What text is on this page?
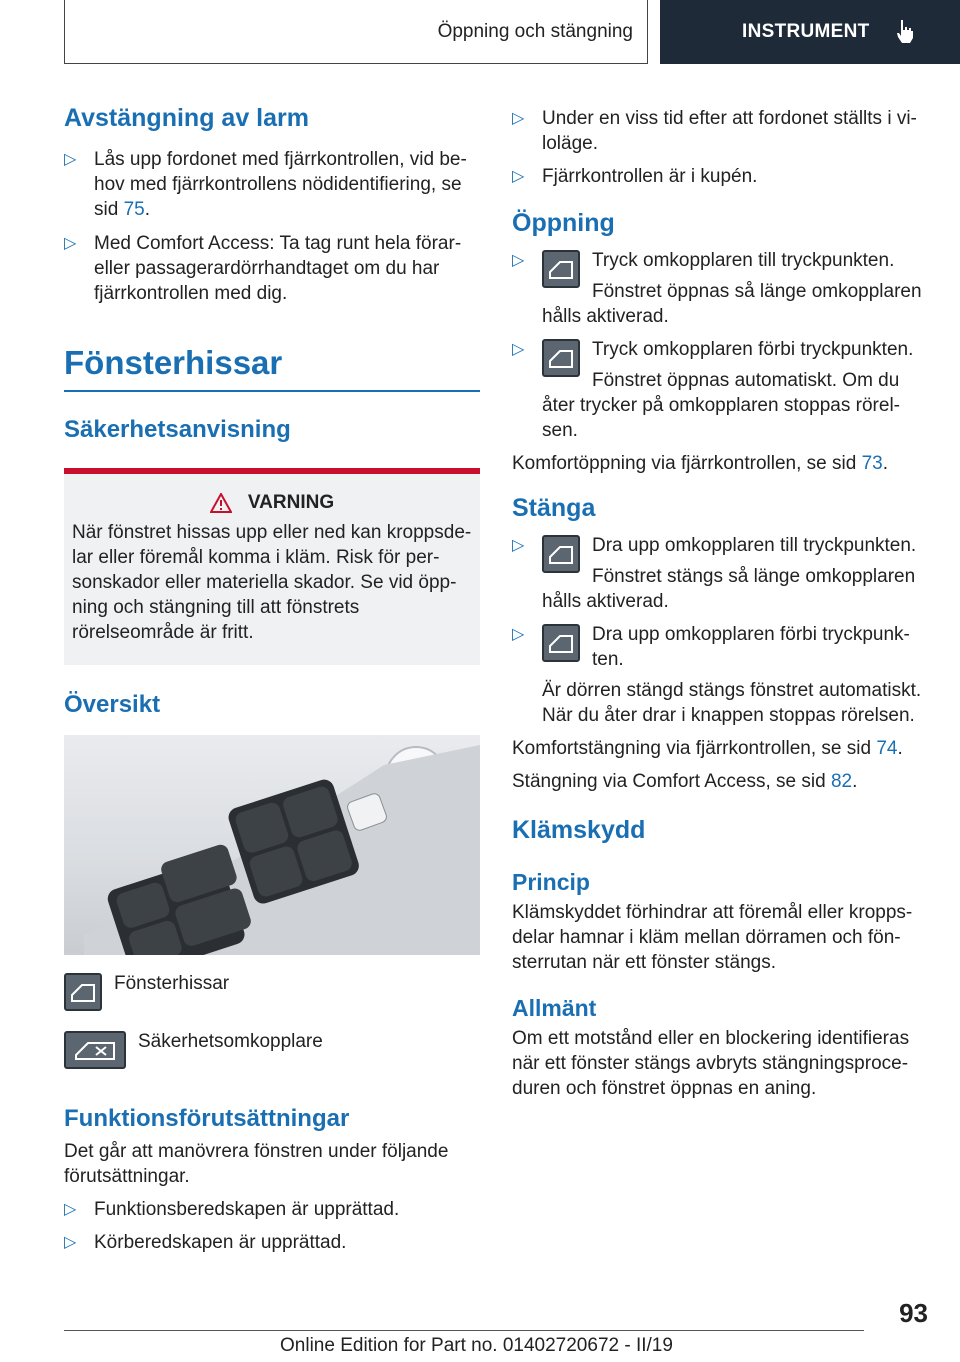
Öppning och stängning	INSTRUMENT
Avstängning av larm
▷ Lås upp fordonet med fjärrkontrollen, vid be-hov med fjärrkontrollens nödidentifiering, se sid 75.
▷ Med Comfort Access: Ta tag runt hela förar-eller passagerardörrhandtaget om du har fjärrkontrollen med dig.
Fönsterhissar
Säkerhetsanvisning
VARNING

När fönstret hissas upp eller ned kan kroppsde-lar eller föremål komma i kläm. Risk för per-sonskador eller materiella skador. Se vid öpp-ning och stängning till att fönstrets rörelseområde är fritt.

Översikt
Fönsterhissar
Säkerhetsomkopplare
Funktionsförutsättningar

Det går att manövrera fönstren under följande förutsättningar.

▷ Funktionsberedskapen är upprättad.
▷ Körberedskapen är upprättad.
▷ Under en viss tid efter att fordonet ställts i vi-loläge.
▷ Fjärrkontrollen är i kupén.
Öppning
▷	Tryck omkopplaren till tryckpunkten.
Fönstret öppnas så länge omkopplaren hålls aktiverad.
▷	Tryck omkopplaren förbi tryckpunkten.
Fönstret öppnas automatiskt. Om du åter trycker på omkopplaren stoppas rörel-sen.

Komfortöppning via fjärrkontrollen, se sid 73.

Stänga
▷	Dra upp omkopplaren till tryckpunkten.
Fönstret stängs så länge omkopplaren hålls aktiverad.
▷	Dra upp omkopplaren förbi tryckpunk-ten.
Är dörren stängd stängs fönstret automatiskt. När du åter drar i knappen stoppas rörelsen.

Komfortstängning via fjärrkontrollen, se sid 74.

Stängning via Comfort Access, se sid 82.

Klämskydd
Princip

Klämskyddet förhindrar att föremål eller kropps-delar hamnar i kläm mellan dörramen och fön-sterrutan när ett fönster stängs.

Allmänt

Om ett motstånd eller en blockering identifieras när ett fönster stängs avbryts stängningsproce-duren och fönstret öppnas en aning.

93
Online Edition for Part no. 01402720672 - II/19
